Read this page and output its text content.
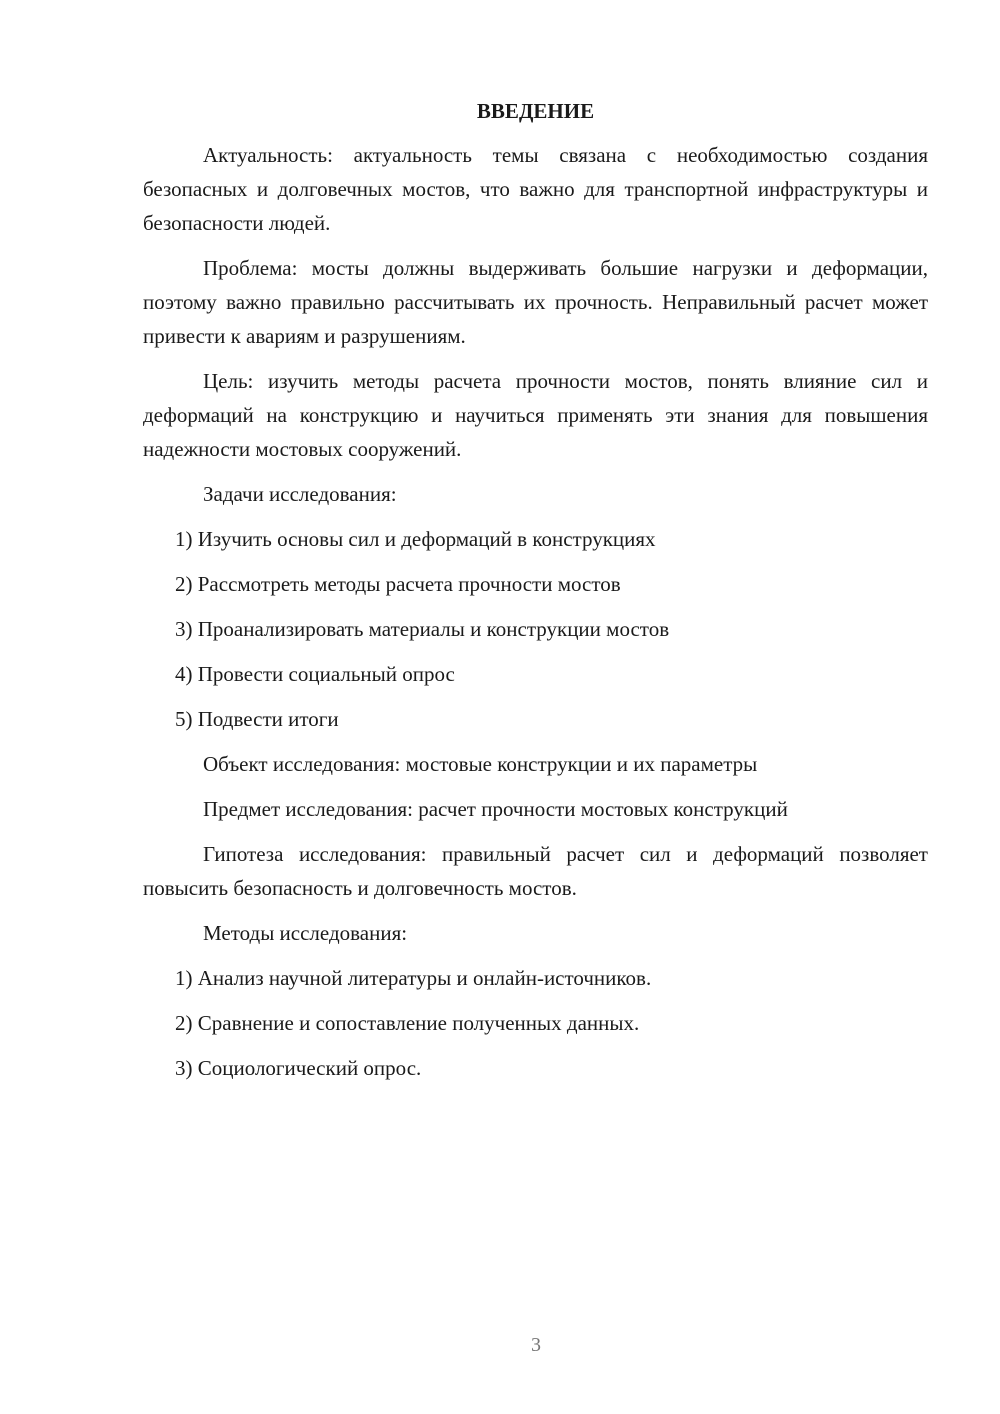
ВВЕДЕНИЕ

Актуальность: актуальность темы связана с необходимостью создания безопасных и долговечных мостов, что важно для транспортной инфраструктуры и безопасности людей.

Проблема: мосты должны выдерживать большие нагрузки и деформации, поэтому важно правильно рассчитывать их прочность. Неправильный расчет может привести к авариям и разрушениям.

Цель: изучить методы расчета прочности мостов, понять влияние сил и деформаций на конструкцию и научиться применять эти знания для повышения надежности мостовых сооружений.

Задачи исследования:

1) Изучить основы сил и деформаций в конструкциях
2) Рассмотреть методы расчета прочности мостов
3) Проанализировать материалы и конструкции мостов
4) Провести социальный опрос
5) Подвести итоги

Объект исследования: мостовые конструкции и их параметры

Предмет исследования: расчет прочности мостовых конструкций

Гипотеза исследования: правильный расчет сил и деформаций позволяет повысить безопасность и долговечность мостов.

Методы исследования:

1) Анализ научной литературы и онлайн-источников.
2) Сравнение и сопоставление полученных данных.
3) Социологический опрос.
3
